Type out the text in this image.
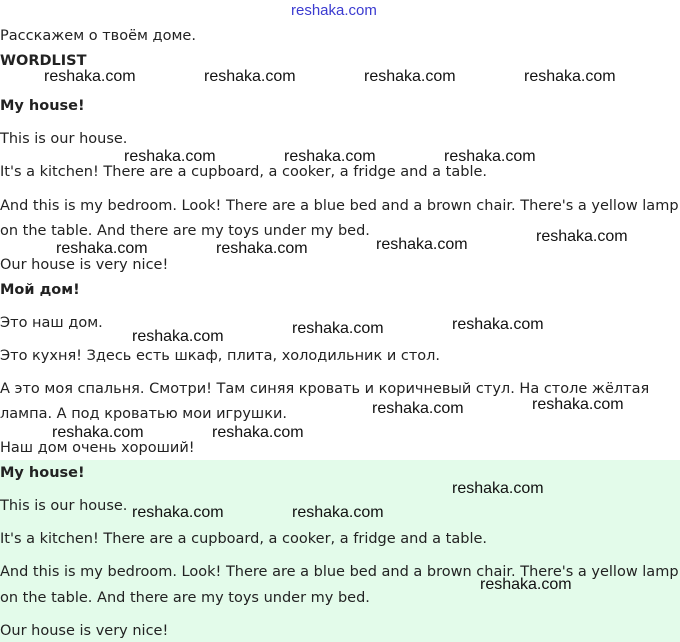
reshaka.com
Расскажем о твоём доме.
WORDLIST
My house!
This is our house.
It's a kitchen! There are a cupboard, a cooker, a fridge and a table.
And this is my bedroom. Look! There are a blue bed and a brown chair. There's a yellow lamp
on the table. And there are my toys under my bed.
Our house is very nice!
Мой дом!
Это наш дом.
Это кухня! Здесь есть шкаф, плита, холодильник и стол.
А это моя спальня. Смотри! Там синяя кровать и коричневый стул. На столе жёлтая
лампа. А под кроватью мои игрушки.
Наш дом очень хороший!
My house!
This is our house.
It's a kitchen! There are a cupboard, a cooker, a fridge and a table.
And this is my bedroom. Look! There are a blue bed and a brown chair. There's a yellow lamp
on the table. And there are my toys under my bed.
Our house is very nice!
reshaka.com	reshaka.com	reshaka.com	reshaka.com
reshaka.com	reshaka.com	reshaka.com
reshaka.com
reshaka.com
reshaka.com	reshaka.com
reshaka.com
reshaka.com
reshaka.com
reshaka.com
reshaka.com
reshaka.com	reshaka.com
reshaka.com
reshaka.com	reshaka.com
reshaka.com
